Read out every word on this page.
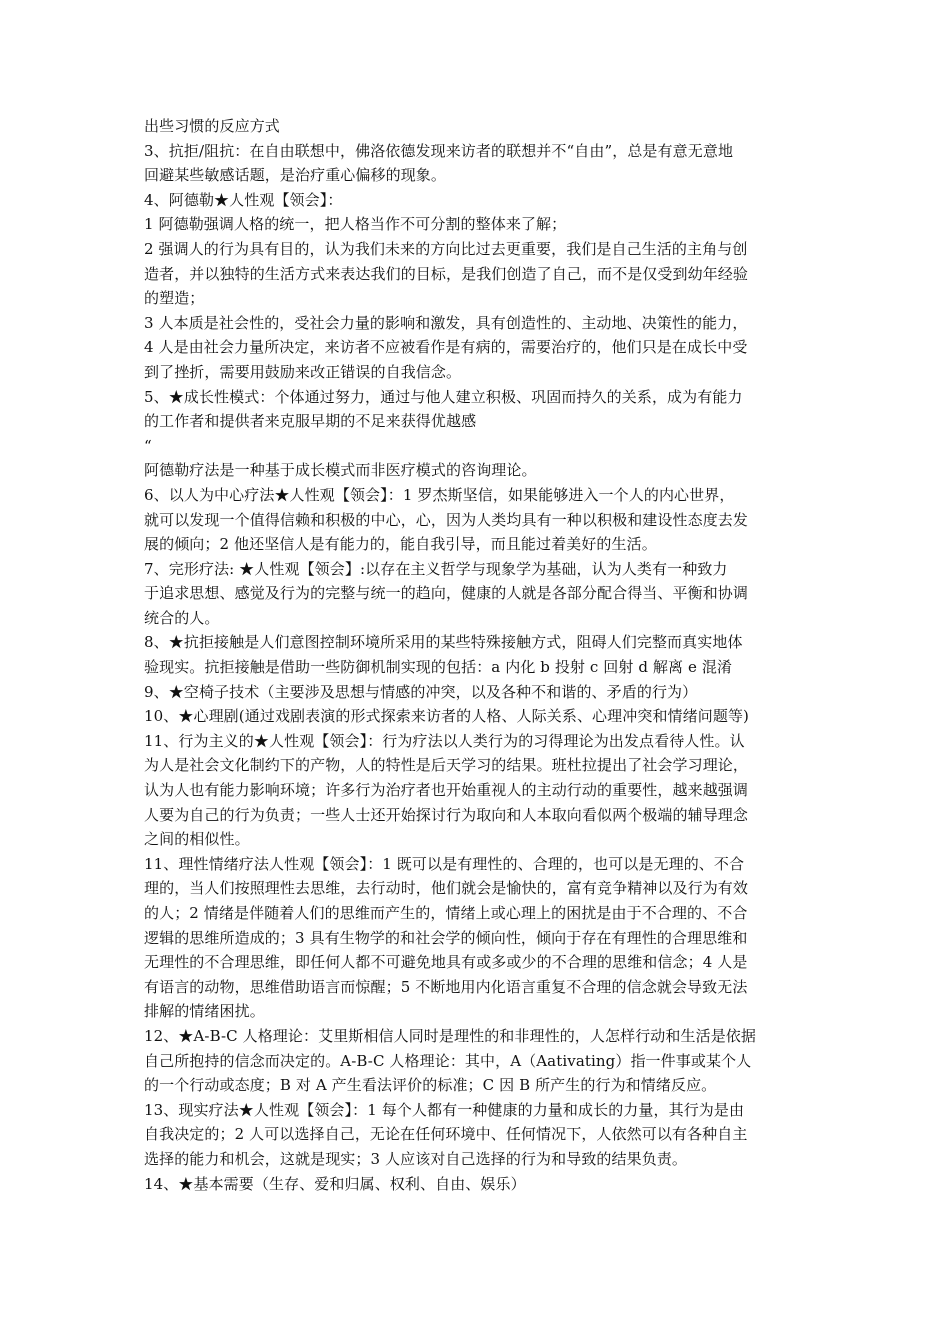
出些习惯的反应方式
3、抗拒/阻抗：在自由联想中，佛洛依德发现来访者的联想并不“自由”，总是有意无意地
回避某些敏感话题，是治疗重心偏移的现象。
4、阿德勒★人性观【领会】：
1 阿德勒强调人格的统一，把人格当作不可分割的整体来了解；
2 强调人的行为具有目的，认为我们未来的方向比过去更重要，我们是自己生活的主角与创
造者，并以独特的生活方式来表达我们的目标，是我们创造了自己，而不是仅受到幼年经验
的塑造；
3 人本质是社会性的，受社会力量的影响和激发，具有创造性的、主动地、决策性的能力，
4 人是由社会力量所决定，来访者不应被看作是有病的，需要治疗的，他们只是在成长中受
到了挫折，需要用鼓励来改正错误的自我信念。
5、★成长性模式：个体通过努力，通过与他人建立积极、巩固而持久的关系，成为有能力
的工作者和提供者来克服早期的不足来获得优越感
“
阿德勒疗法是一种基于成长模式而非医疗模式的咨询理论。
6、以人为中心疗法★人性观【领会】：1 罗杰斯坚信，如果能够进入一个人的内心世界，
就可以发现一个值得信赖和积极的中心，心，因为人类均具有一种以积极和建设性态度去发
展的倾向；2 他还坚信人是有能力的，能自我引导，而且能过着美好的生活。
7、完形疗法: ★人性观【领会】:以存在主义哲学与现象学为基础，认为人类有一种致力
于追求思想、感觉及行为的完整与统一的趋向，健康的人就是各部分配合得当、平衡和协调
统合的人。
8、★抗拒接触是人们意图控制环境所采用的某些特殊接触方式，阻碍人们完整而真实地体
验现实。抗拒接触是借助一些防御机制实现的包括：a 内化 b 投射 c 回射 d 解离 e 混淆
9、★空椅子技术（主要涉及思想与情感的冲突，以及各种不和谐的、矛盾的行为）
10、★心理剧(通过戏剧表演的形式探索来访者的人格、人际关系、心理冲突和情绪问题等)
11、行为主义的★人性观【领会】：行为疗法以人类行为的习得理论为出发点看待人性。认
为人是社会文化制约下的产物，人的特性是后天学习的结果。班杜拉提出了社会学习理论，
认为人也有能力影响环境；许多行为治疗者也开始重视人的主动行动的重要性，越来越强调
人要为自己的行为负责；一些人士还开始探讨行为取向和人本取向看似两个极端的辅导理念
之间的相似性。
11、理性情绪疗法人性观【领会】：1 既可以是有理性的、合理的，也可以是无理的、不合
理的，当人们按照理性去思维，去行动时，他们就会是愉快的，富有竞争精神以及行为有效
的人；2 情绪是伴随着人们的思维而产生的，情绪上或心理上的困扰是由于不合理的、不合
逻辑的思维所造成的；3 具有生物学的和社会学的倾向性，倾向于存在有理性的合理思维和
无理性的不合理思维，即任何人都不可避免地具有或多或少的不合理的思维和信念；4 人是
有语言的动物，思维借助语言而惊醒；5 不断地用内化语言重复不合理的信念就会导致无法
排解的情绪困扰。
12、★A-B-C 人格理论：艾里斯相信人同时是理性的和非理性的，人怎样行动和生活是依据
自己所抱持的信念而决定的。A-B-C 人格理论：其中，A（Aativating）指一件事或某个人
的一个行动或态度；B 对 A 产生看法评价的标准；C 因 B 所产生的行为和情绪反应。
13、现实疗法★人性观【领会】：1 每个人都有一种健康的力量和成长的力量，其行为是由
自我决定的；2 人可以选择自己，无论在任何环境中、任何情况下，人依然可以有各种自主
选择的能力和机会，这就是现实；3 人应该对自己选择的行为和导致的结果负责。
14、★基本需要（生存、爱和归属、权利、自由、娱乐）
